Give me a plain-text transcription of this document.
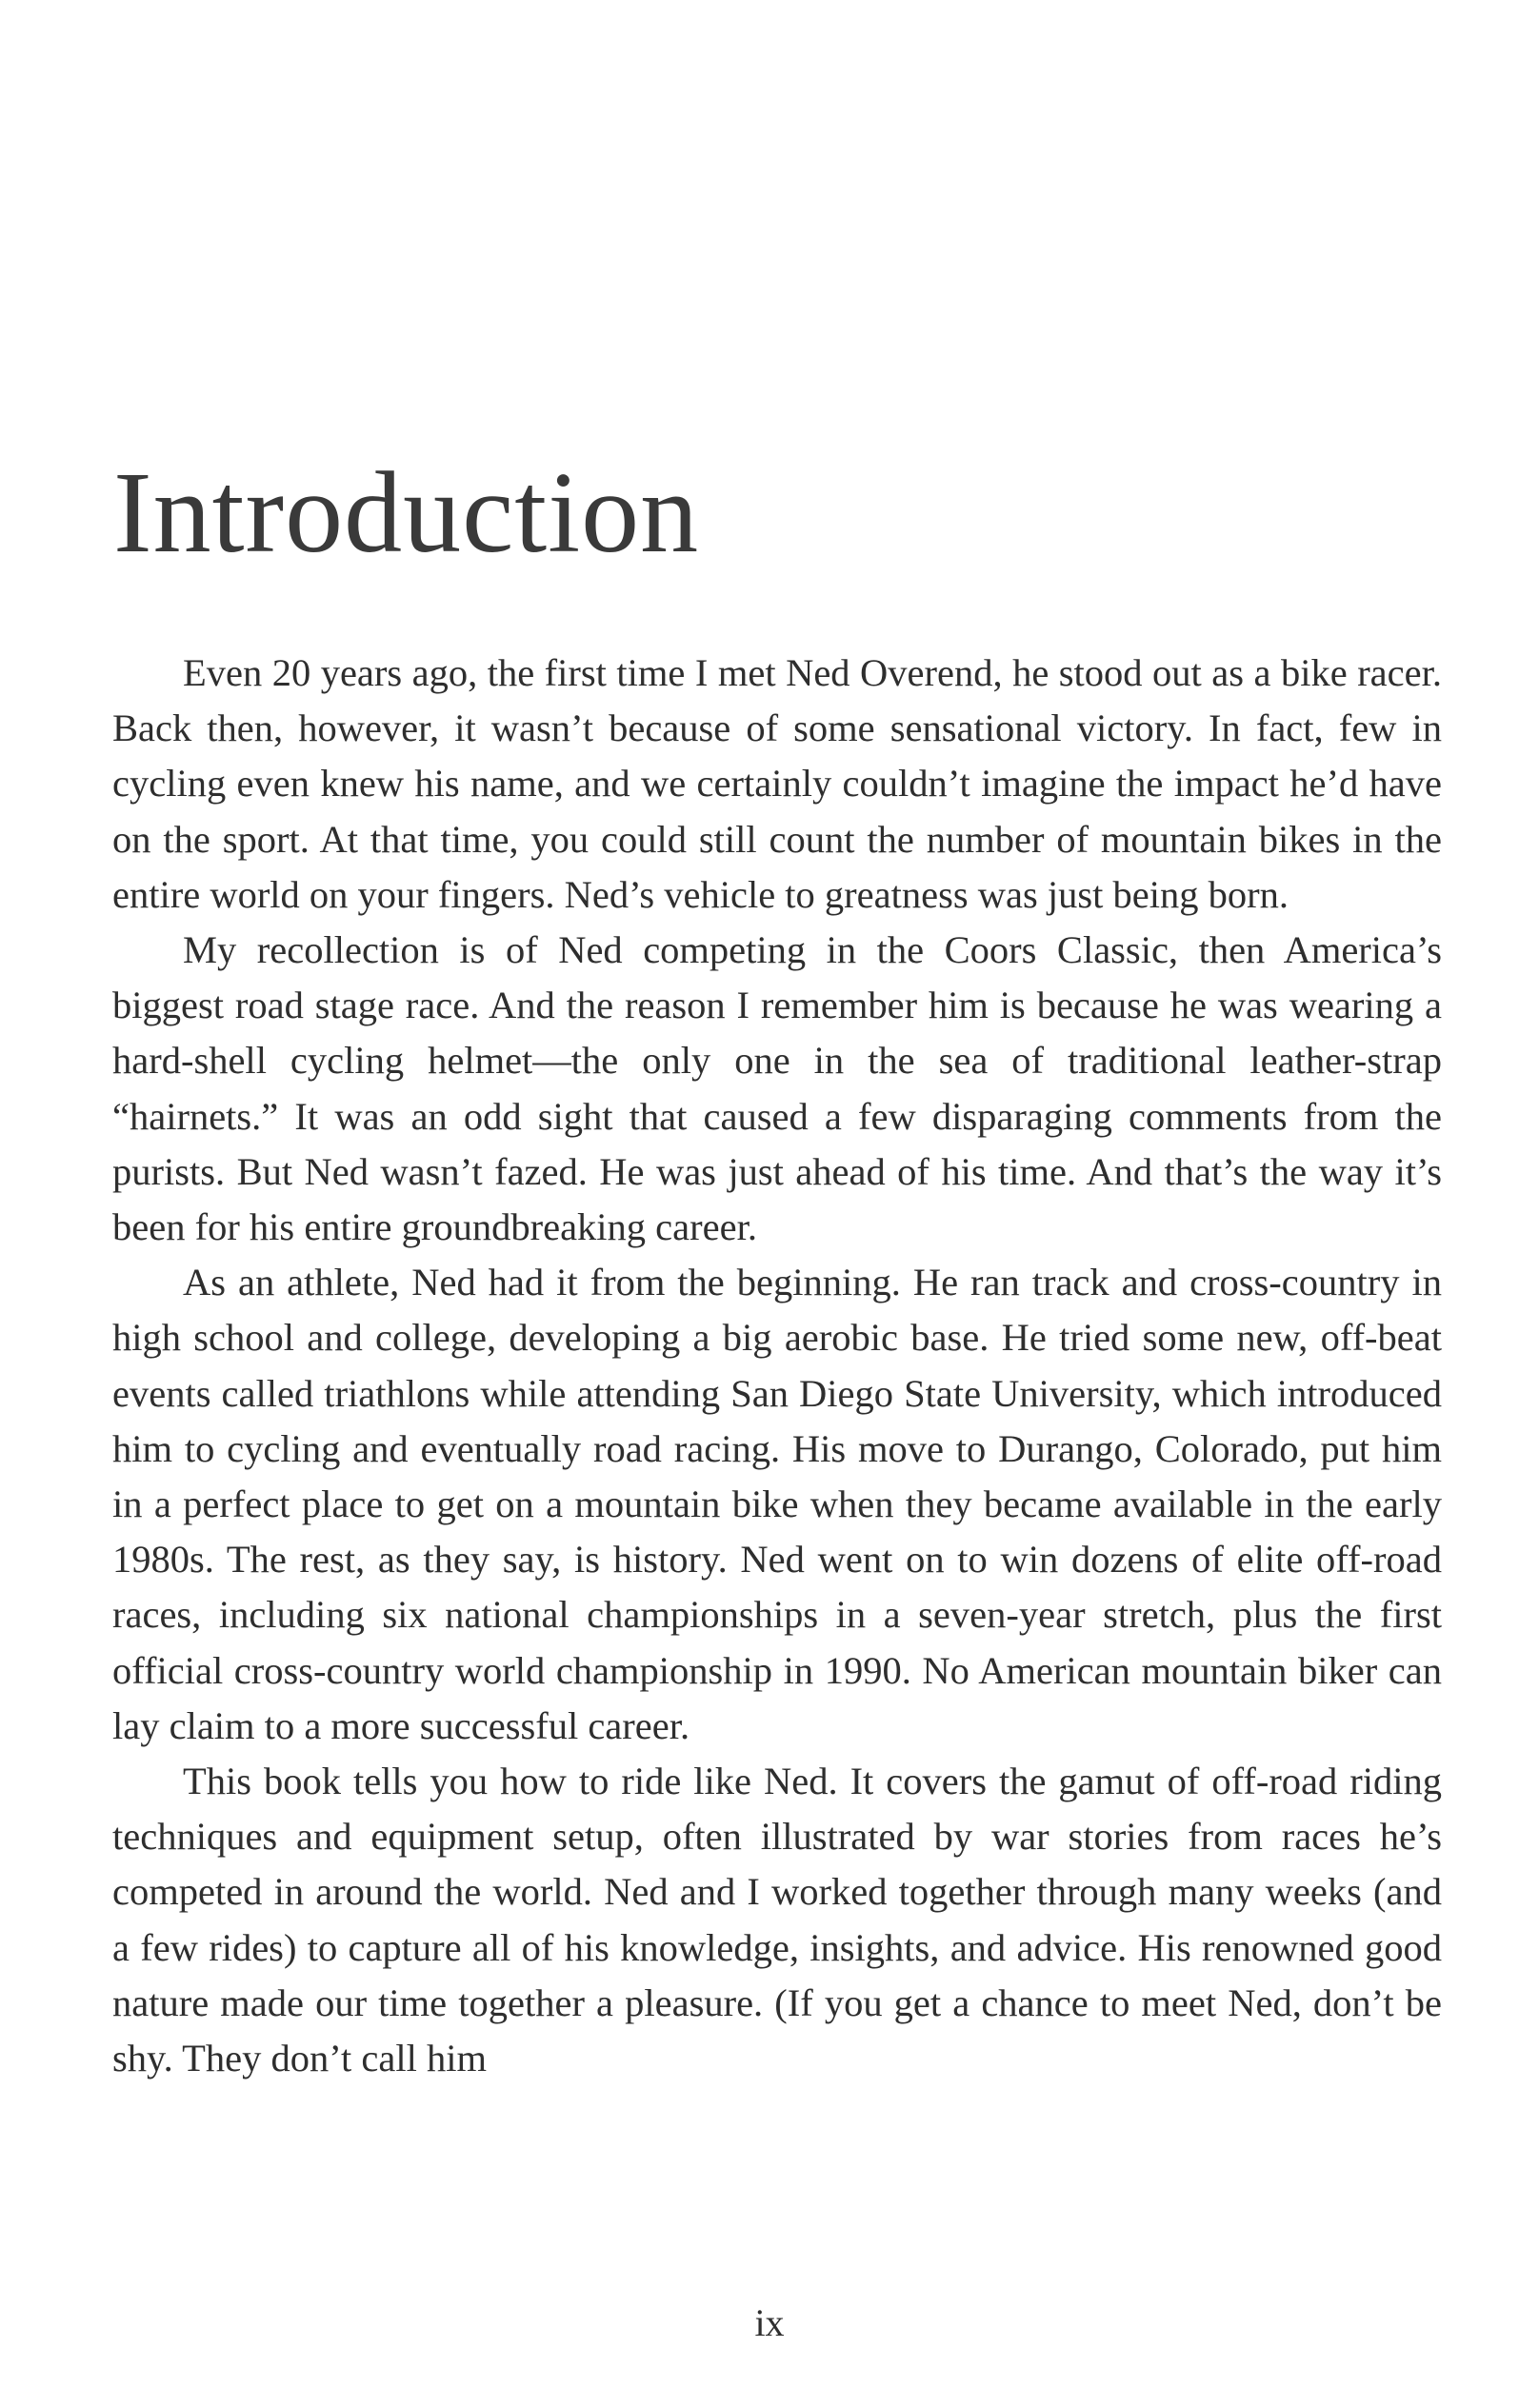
Introduction

Even 20 years ago, the first time I met Ned Overend, he stood out as a bike racer. Back then, however, it wasn’t because of some sensational victory. In fact, few in cycling even knew his name, and we certainly couldn’t imagine the impact he’d have on the sport. At that time, you could still count the number of mountain bikes in the entire world on your fingers. Ned’s vehicle to greatness was just being born.

My recollection is of Ned competing in the Coors Classic, then America’s biggest road stage race. And the reason I remember him is because he was wearing a hard-shell cycling helmet—the only one in the sea of traditional leather-strap “hairnets.” It was an odd sight that caused a few disparaging comments from the purists. But Ned wasn’t fazed. He was just ahead of his time. And that’s the way it’s been for his entire groundbreaking career.

As an athlete, Ned had it from the beginning. He ran track and cross-country in high school and college, developing a big aerobic base. He tried some new, off-beat events called triathlons while attending San Diego State University, which introduced him to cycling and eventually road racing. His move to Durango, Colorado, put him in a perfect place to get on a mountain bike when they became available in the early 1980s. The rest, as they say, is history. Ned went on to win dozens of elite off-road races, including six national championships in a seven-year stretch, plus the first official cross-country world championship in 1990. No American mountain biker can lay claim to a more successful career.

This book tells you how to ride like Ned. It covers the gamut of off-road riding techniques and equipment setup, often illustrated by war stories from races he’s competed in around the world. Ned and I worked together through many weeks (and a few rides) to capture all of his knowledge, insights, and advice. His renowned good nature made our time together a pleasure. (If you get a chance to meet Ned, don’t be shy. They don’t call him

ix
